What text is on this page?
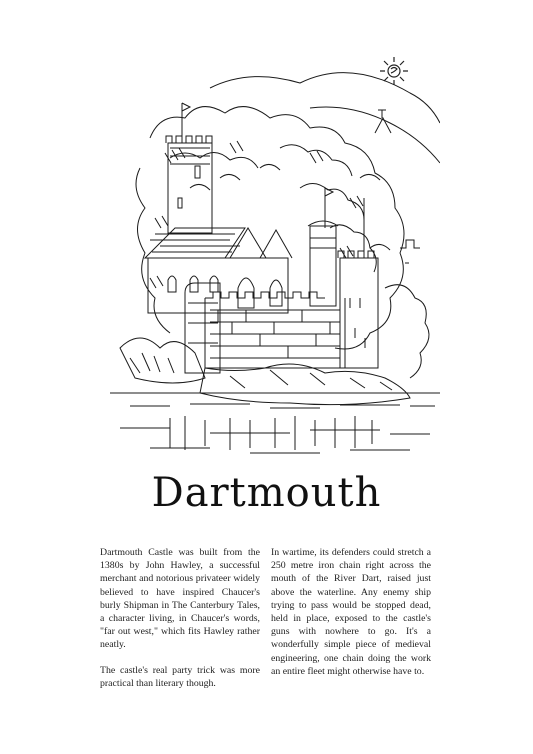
Dartmouth

Dartmouth Castle was built from the 1380s by John Hawley, a successful merchant and notorious privateer widely believed to have inspired Chaucer's burly Shipman in The Canterbury Tales, a character living, in Chaucer's words, "far out west," which fits Hawley rather neatly.

The castle's real party trick was more practical than literary though.

In wartime, its defenders could stretch a 250 metre iron chain right across the mouth of the River Dart, raised just above the waterline. Any enemy ship trying to pass would be stopped dead, held in place, exposed to the castle's guns with nowhere to go. It's a wonderfully simple piece of medieval engineering, one chain doing the work an entire fleet might otherwise have to.
